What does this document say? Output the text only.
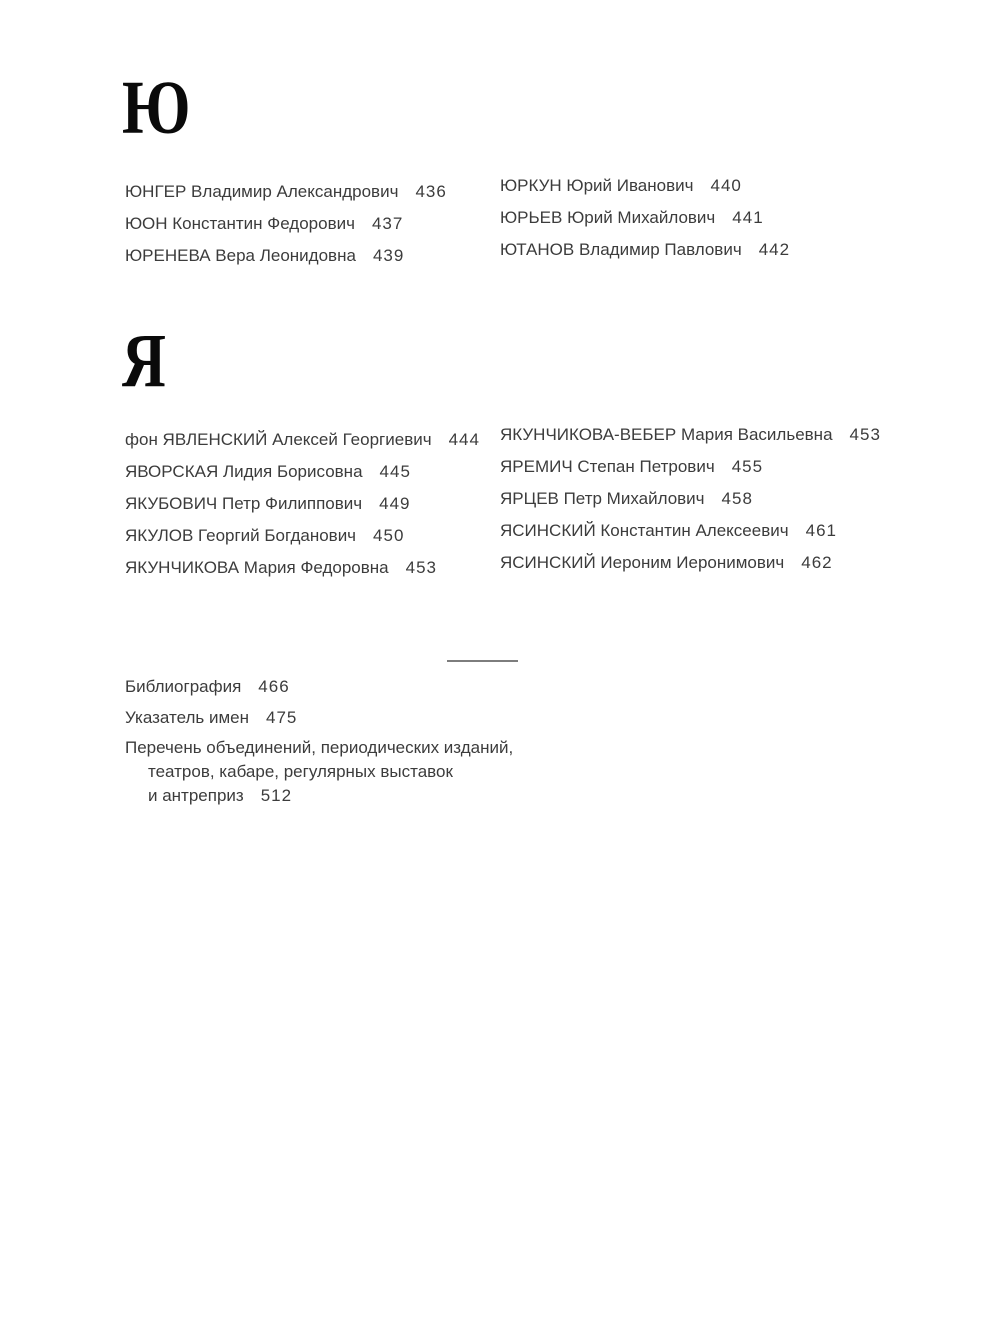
Ю
ЮНГЕР Владимир Александрович 436
ЮОН Константин Федорович 437
ЮРЕНЕВА Вера Леонидовна 439
ЮРКУН Юрий Иванович 440
ЮРЬЕВ Юрий Михайлович 441
ЮТАНОВ Владимир Павлович 442
Я
фон ЯВЛЕНСКИЙ Алексей Георгиевич 444
ЯВОРСКАЯ Лидия Борисовна 445
ЯКУБОВИЧ Петр Филиппович 449
ЯКУЛОВ Георгий Богданович 450
ЯКУНЧИКОВА Мария Федоровна 453
ЯКУНЧИКОВА-ВЕБЕР Мария Васильевна 453
ЯРЕМИЧ Степан Петрович 455
ЯРЦЕВ Петр Михайлович 458
ЯСИНСКИЙ Константин Алексеевич 461
ЯСИНСКИЙ Иероним Иеронимович 462
Библиография 466
Указатель имен 475
Перечень объединений, периодических изданий,
театров, кабаре, регулярных выставок
и антреприз 512
